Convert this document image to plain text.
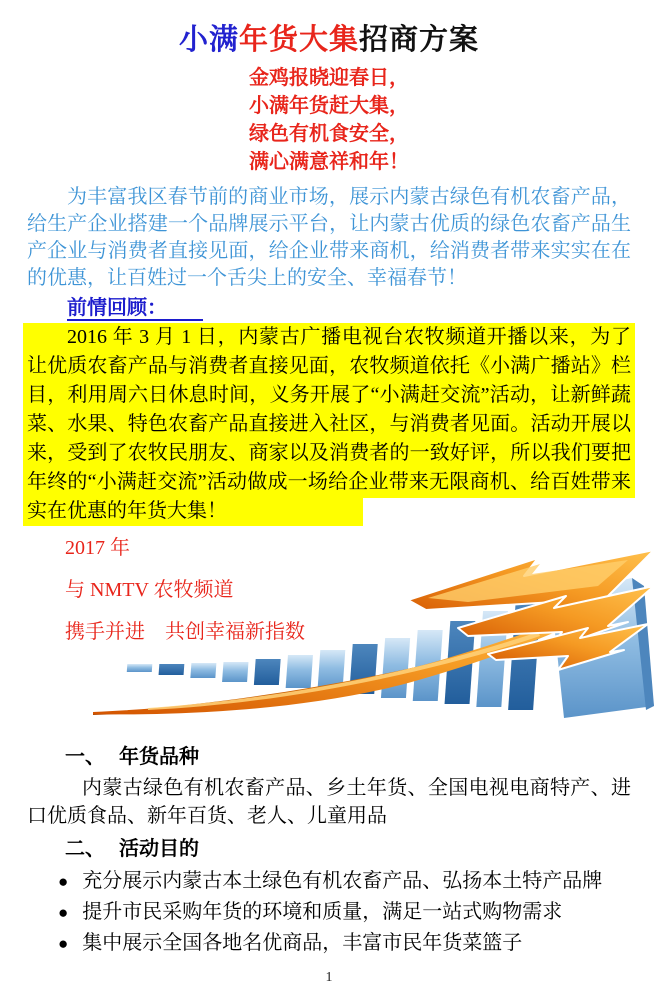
小满年货大集招商方案
金鸡报晓迎春日，
小满年货赶大集，
绿色有机食安全，
满心满意祥和年！

为丰富我区春节前的商业市场，展示内蒙古绿色有机农畜产品，给生产企业搭建一个品牌展示平台，让内蒙古优质的绿色农畜产品生产企业与消费者直接见面，给企业带来商机，给消费者带来实实在在的优惠，让百姓过一个舌尖上的安全、幸福春节！

前情回顾：

2016 年 3 月 1 日，内蒙古广播电视台农牧频道开播以来，为了让优质农畜产品与消费者直接见面，农牧频道依托《小满广播站》栏目，利用周六日休息时间，义务开展了“小满赶交流”活动，让新鲜蔬菜、水果、特色农畜产品直接进入社区，与消费者见面。活动开展以来，受到了农牧民朋友、商家以及消费者的一致好评，所以我们要把年终的“小满赶交流”活动做成一场给企业带来无限商机、给百姓带来实在优惠的年货大集！

2017 年
与 NMTV 农牧频道
携手并进　共创幸福新指数
一、 年货品种

内蒙古绿色有机农畜产品、乡土年货、全国电视电商特产、进口优质食品、新年百货、老人、儿童用品

二、 活动目的
● 充分展示内蒙古本土绿色有机农畜产品、弘扬本土特产品牌
● 提升市民采购年货的环境和质量，满足一站式购物需求
● 集中展示全国各地名优商品，丰富市民年货菜篮子
1
